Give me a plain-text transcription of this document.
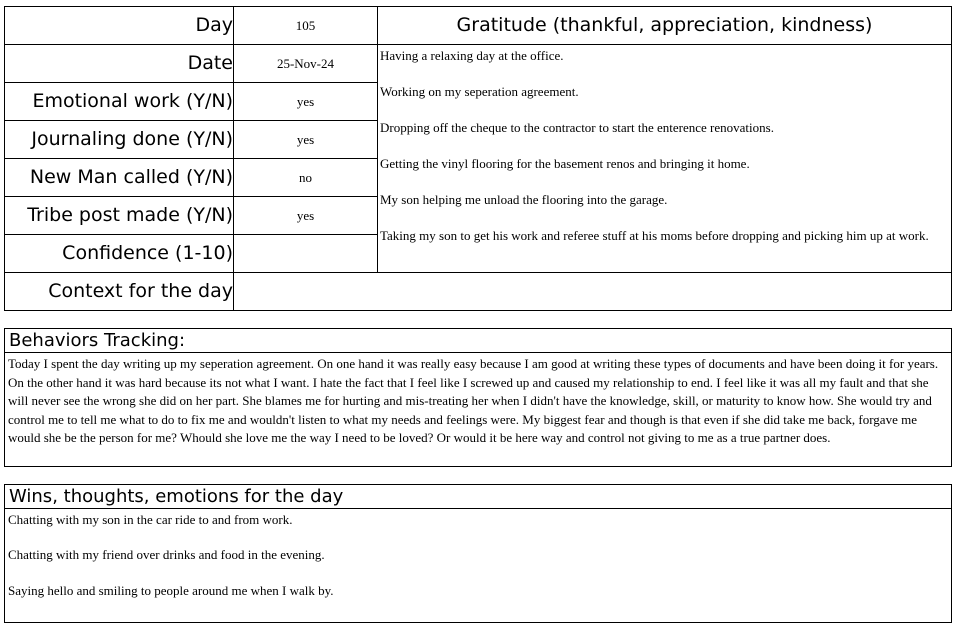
Day
Date
Emotional work (Y/N)
Journaling done (Y/N)
New Man called (Y/N)
Tribe post made (Y/N)
Confidence (1-10)
Context for the day
105
25-Nov-24
yes
yes
no
yes
Gratitude (thankful, appreciation, kindness)
Having a relaxing day at the office.
Working on my seperation agreement.
Dropping off the cheque to the contractor to start the enterence renovations.
Getting the vinyl flooring for the basement renos and bringing it home.
My son helping me unload the flooring into the garage.
Taking my son to get his work and referee stuff at his moms before dropping and picking him up at work.
Behaviors Tracking:
Today I spent the day writing up my seperation agreement. On one hand it was really easy because I am good at writing these types of documents and have been doing it for years. On the other hand it was hard because its not what I want. I hate the fact that I feel like I screwed up and caused my relationship to end. I feel like it was all my fault and that she will never see the wrong she did on her part. She blames me for hurting and mis-treating her when I didn't have the knowledge, skill, or maturity to know how. She would try and control me to tell me what to do to fix me and wouldn't listen to what my needs and feelings were. My biggest fear and though is that even if she did take me back, forgave me would she be the person for me? Whould she love me the way I need to be loved? Or would it be here way and control not giving to me as a true partner does.
Wins, thoughts, emotions for the day
Chatting with my son in the car ride to and from work.
Chatting with my friend over drinks and food in the evening.
Saying hello and smiling to people around me when I walk by.
